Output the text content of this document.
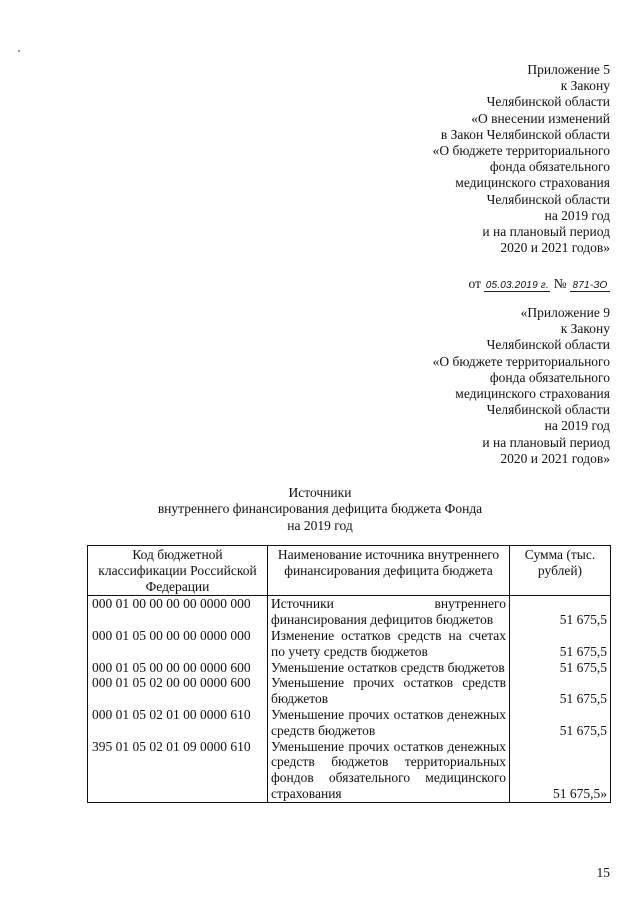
Приложение 5
к Закону
Челябинской области
«О внесении изменений
в Закон Челябинской области
«О бюджете территориального
фонда обязательного
медицинского страхования
Челябинской области
на 2019 год
и на плановый период
2020 и 2021 годов»
от 05.03.2019 г. № 871-ЗО
«Приложение 9
к Закону
Челябинской области
«О бюджете территориального
фонда обязательного
медицинского страхования
Челябинской области
на 2019 год
и на плановый период
2020 и 2021 годов»
Источники
внутреннего финансирования дефицита бюджета Фонда
на 2019 год
Код бюджетной классификации Российской Федерации	Наименование источника внутреннего финансирования дефицита бюджета	Сумма (тыс. рублей)
000 01 00 00 00 00 0000 000	Источники внутреннего финансирования дефицитов бюджетов	51 675,5
000 01 05 00 00 00 0000 000	Изменение остатков средств на счетах по учету средств бюджетов	51 675,5
000 01 05 00 00 00 0000 600	Уменьшение остатков средств бюджетов	51 675,5
000 01 05 02 00 00 0000 600	Уменьшение прочих остатков средств бюджетов	51 675,5
000 01 05 02 01 00 0000 610	Уменьшение прочих остатков денежных средств бюджетов	51 675,5
395 01 05 02 01 09 0000 610	Уменьшение прочих остатков денежных средств бюджетов территориальных фондов обязательного медицинского страхования	51 675,5»
15
